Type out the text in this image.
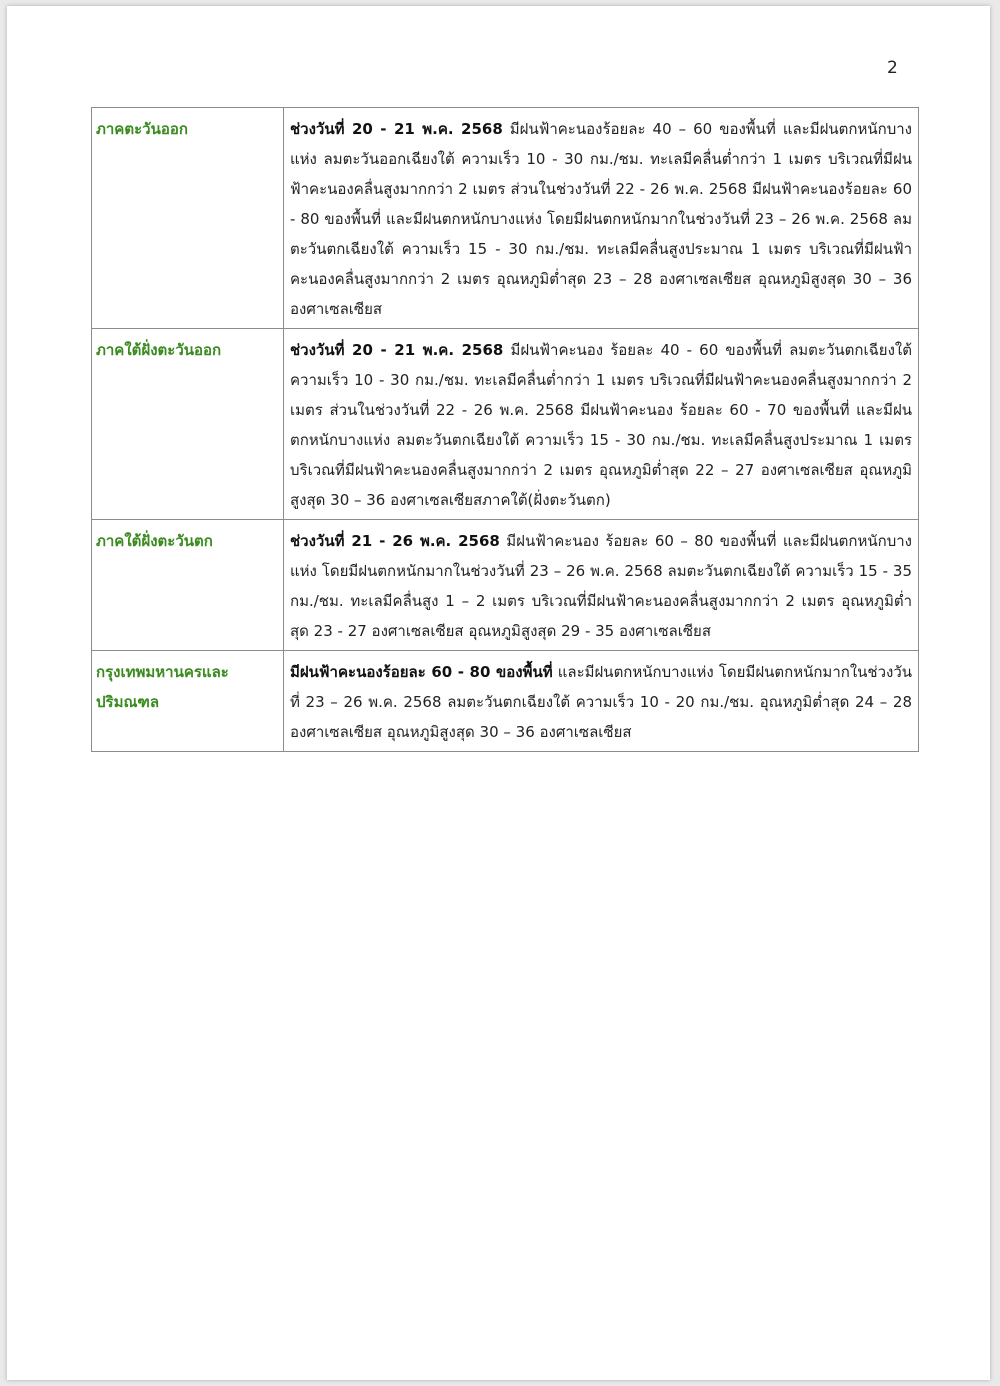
2
ภาคตะวันออก	ช่วงวันที่ 20 - 21 พ.ค. 2568 มีฝนฟ้าคะนองร้อยละ 40 – 60 ของพื้นที่ และมีฝนตกหนักบางแห่ง ลมตะวันออกเฉียงใต้ ความเร็ว 10 - 30 กม./ชม. ทะเลมีคลื่นต่ำกว่า 1 เมตร บริเวณที่มีฝนฟ้าคะนองคลื่นสูงมากกว่า 2 เมตร ส่วนในช่วงวันที่ 22 - 26 พ.ค. 2568 มีฝนฟ้าคะนองร้อยละ 60 - 80 ของพื้นที่ และมีฝนตกหนักบางแห่ง โดยมีฝนตกหนักมากในช่วงวันที่ 23 – 26 พ.ค. 2568 ลมตะวันตกเฉียงใต้ ความเร็ว 15 - 30 กม./ชม. ทะเลมีคลื่นสูงประมาณ 1 เมตร บริเวณที่มีฝนฟ้าคะนองคลื่นสูงมากกว่า 2 เมตร อุณหภูมิต่ำสุด 23 – 28 องศาเซลเซียส อุณหภูมิสูงสุด 30 – 36 องศาเซลเซียส
ภาคใต้ฝั่งตะวันออก	ช่วงวันที่ 20 - 21 พ.ค. 2568 มีฝนฟ้าคะนอง ร้อยละ 40 - 60 ของพื้นที่ ลมตะวันตกเฉียงใต้ ความเร็ว 10 - 30 กม./ชม. ทะเลมีคลื่นต่ำกว่า 1 เมตร บริเวณที่มีฝนฟ้าคะนองคลื่นสูงมากกว่า 2 เมตร ส่วนในช่วงวันที่ 22 - 26 พ.ค. 2568 มีฝนฟ้าคะนอง ร้อยละ 60 - 70 ของพื้นที่ และมีฝนตกหนักบางแห่ง ลมตะวันตกเฉียงใต้ ความเร็ว 15 - 30 กม./ชม. ทะเลมีคลื่นสูงประมาณ 1 เมตร บริเวณที่มีฝนฟ้าคะนองคลื่นสูงมากกว่า 2 เมตร อุณหภูมิต่ำสุด 22 – 27 องศาเซลเซียส อุณหภูมิสูงสุด 30 – 36 องศาเซลเซียสภาคใต้(ฝั่งตะวันตก)
ภาคใต้ฝั่งตะวันตก	ช่วงวันที่ 21 - 26 พ.ค. 2568 มีฝนฟ้าคะนอง ร้อยละ 60 – 80 ของพื้นที่ และมีฝนตกหนักบางแห่ง โดยมีฝนตกหนักมากในช่วงวันที่ 23 – 26 พ.ค. 2568 ลมตะวันตกเฉียงใต้ ความเร็ว 15 - 35 กม./ชม. ทะเลมีคลื่นสูง 1 – 2 เมตร บริเวณที่มีฝนฟ้าคะนองคลื่นสูงมากกว่า 2 เมตร อุณหภูมิต่ำสุด 23 - 27 องศาเซลเซียส อุณหภูมิสูงสุด 29 - 35 องศาเซลเซียส
กรุงเทพมหานครและปริมณฑล	มีฝนฟ้าคะนองร้อยละ 60 - 80 ของพื้นที่ และมีฝนตกหนักบางแห่ง โดยมีฝนตกหนักมากในช่วงวันที่ 23 – 26 พ.ค. 2568 ลมตะวันตกเฉียงใต้ ความเร็ว 10 - 20 กม./ชม. อุณหภูมิต่ำสุด 24 – 28 องศาเซลเซียส อุณหภูมิสูงสุด 30 – 36 องศาเซลเซียส
